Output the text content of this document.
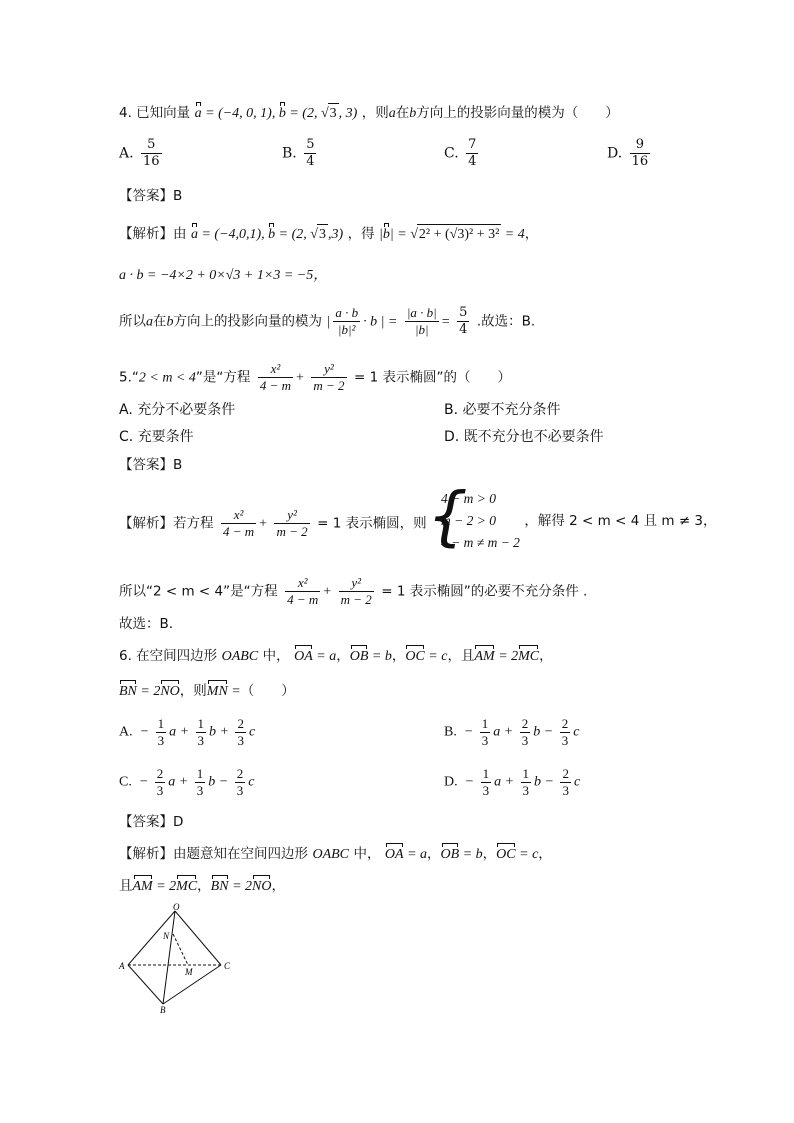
4. 已知向量 a = (−4, 0, 1), b = (2, √3 , 3) ，则a在b方向上的投影向量的模为（　　）
A. $\frac{5}{16}$	B. $\frac{5}{4}$	C. $\frac{7}{4}$	D. $\frac{9}{16}$
【答案】B
【解析】由 a = (−4,0,1), b = (2, √3 ,3) ，得 |b| = √2² + (√3)² + 3² = 4，
a · b = −4×2 + 0×√3 + 1×3 = −5，
所以a在b方向上的投影向量的模为 | $\frac{a \cdot b}{\text{|b|²}} \cdot b$ | = $\frac{|a \cdot b|}{|b|} = \frac{5}{4}$ .故选：B.
5.“2 < m < 4”是“方程 $\frac{\text{x²}}{4 - m} + \frac{\text{y²}}{m - 2} = 1$ 表示椭圆”的（　　）
A. 充分不必要条件	B. 必要不充分条件
C. 充要条件	D. 既不充分也不必要条件
【答案】B
【解析】若方程 $\frac{\text{x²}}{4 - m} + \frac{\text{y²}}{m - 2} = 1$ 表示椭圆，则
{ 4 − m > 0
m − 2 > 0
4 − m ≠ m − 2
，解得 2 < m < 4 且 m ≠ 3，
所以“2 < m < 4”是“方程 $\frac{\text{x²}}{4 - m} + \frac{\text{y²}}{m - 2} = 1$ 表示椭圆”的必要不充分条件 .
故选：B.
6. 在空间四边形 OABC 中， OA = a，OB = b，OC = c，且AM = 2MC，
BN = 2NO，则MN =（　　）
A.  − $\frac{1}{3}$ $a + \frac{1}{3}$ $b + \frac{2}{3}$ c	B.  − $\frac{1}{3}$ $a + \frac{2}{3}$ $b - \frac{2}{3}$ c
C.  − $\frac{2}{3}$ $a + \frac{1}{3}$ $b - \frac{2}{3}$ c	D.  − $\frac{1}{3}$ $a + \frac{1}{3}$ $b - \frac{2}{3}$ c
【答案】D
【解析】由题意知在空间四边形 OABC 中， OA = a，OB = b，OC = c，
且AM = 2MC，BN = 2NO，
O
N
A
M
C
B
